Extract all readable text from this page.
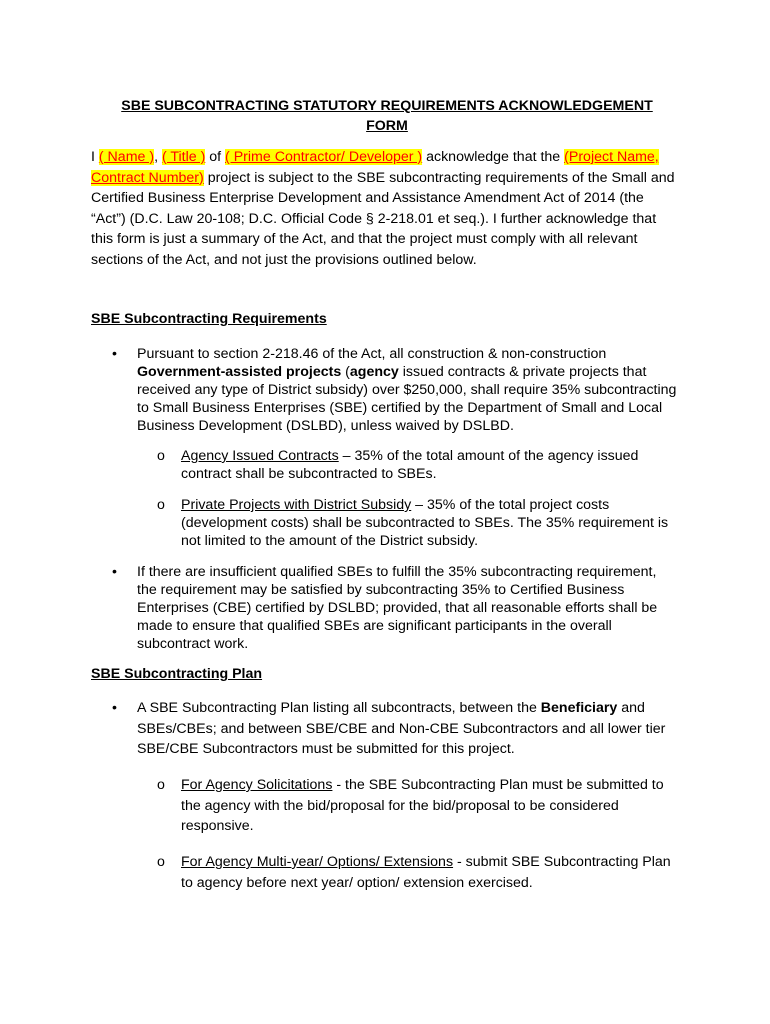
SBE SUBCONTRACTING STATUTORY REQUIREMENTS ACKNOWLEDGEMENT
FORM
I ( Name ), ( Title ) of ( Prime Contractor/ Developer ) acknowledge that the (Project Name, Contract Number) project is subject to the SBE subcontracting requirements of the Small and Certified Business Enterprise Development and Assistance Amendment Act of 2014 (the “Act”) (D.C. Law 20-108; D.C. Official Code § 2-218.01 et seq.). I further acknowledge that this form is just a summary of the Act, and that the project must comply with all relevant sections of the Act, and not just the provisions outlined below.
SBE Subcontracting Requirements
• Pursuant to section 2-218.46 of the Act, all construction & non-construction Government-assisted projects (agency issued contracts & private projects that received any type of District subsidy) over $250,000, shall require 35% subcontracting to Small Business Enterprises (SBE) certified by the Department of Small and Local Business Development (DSLBD), unless waived by DSLBD.
o Agency Issued Contracts – 35% of the total amount of the agency issued contract shall be subcontracted to SBEs.
o Private Projects with District Subsidy – 35% of the total project costs (development costs) shall be subcontracted to SBEs. The 35% requirement is not limited to the amount of the District subsidy.
• If there are insufficient qualified SBEs to fulfill the 35% subcontracting requirement, the requirement may be satisfied by subcontracting 35% to Certified Business Enterprises (CBE) certified by DSLBD; provided, that all reasonable efforts shall be made to ensure that qualified SBEs are significant participants in the overall subcontract work.
SBE Subcontracting Plan
• A SBE Subcontracting Plan listing all subcontracts, between the Beneficiary and SBEs/CBEs; and between SBE/CBE and Non-CBE Subcontractors and all lower tier SBE/CBE Subcontractors must be submitted for this project.
o For Agency Solicitations - the SBE Subcontracting Plan must be submitted to the agency with the bid/proposal for the bid/proposal to be considered responsive.
o For Agency Multi-year/ Options/ Extensions - submit SBE Subcontracting Plan to agency before next year/ option/ extension exercised.
